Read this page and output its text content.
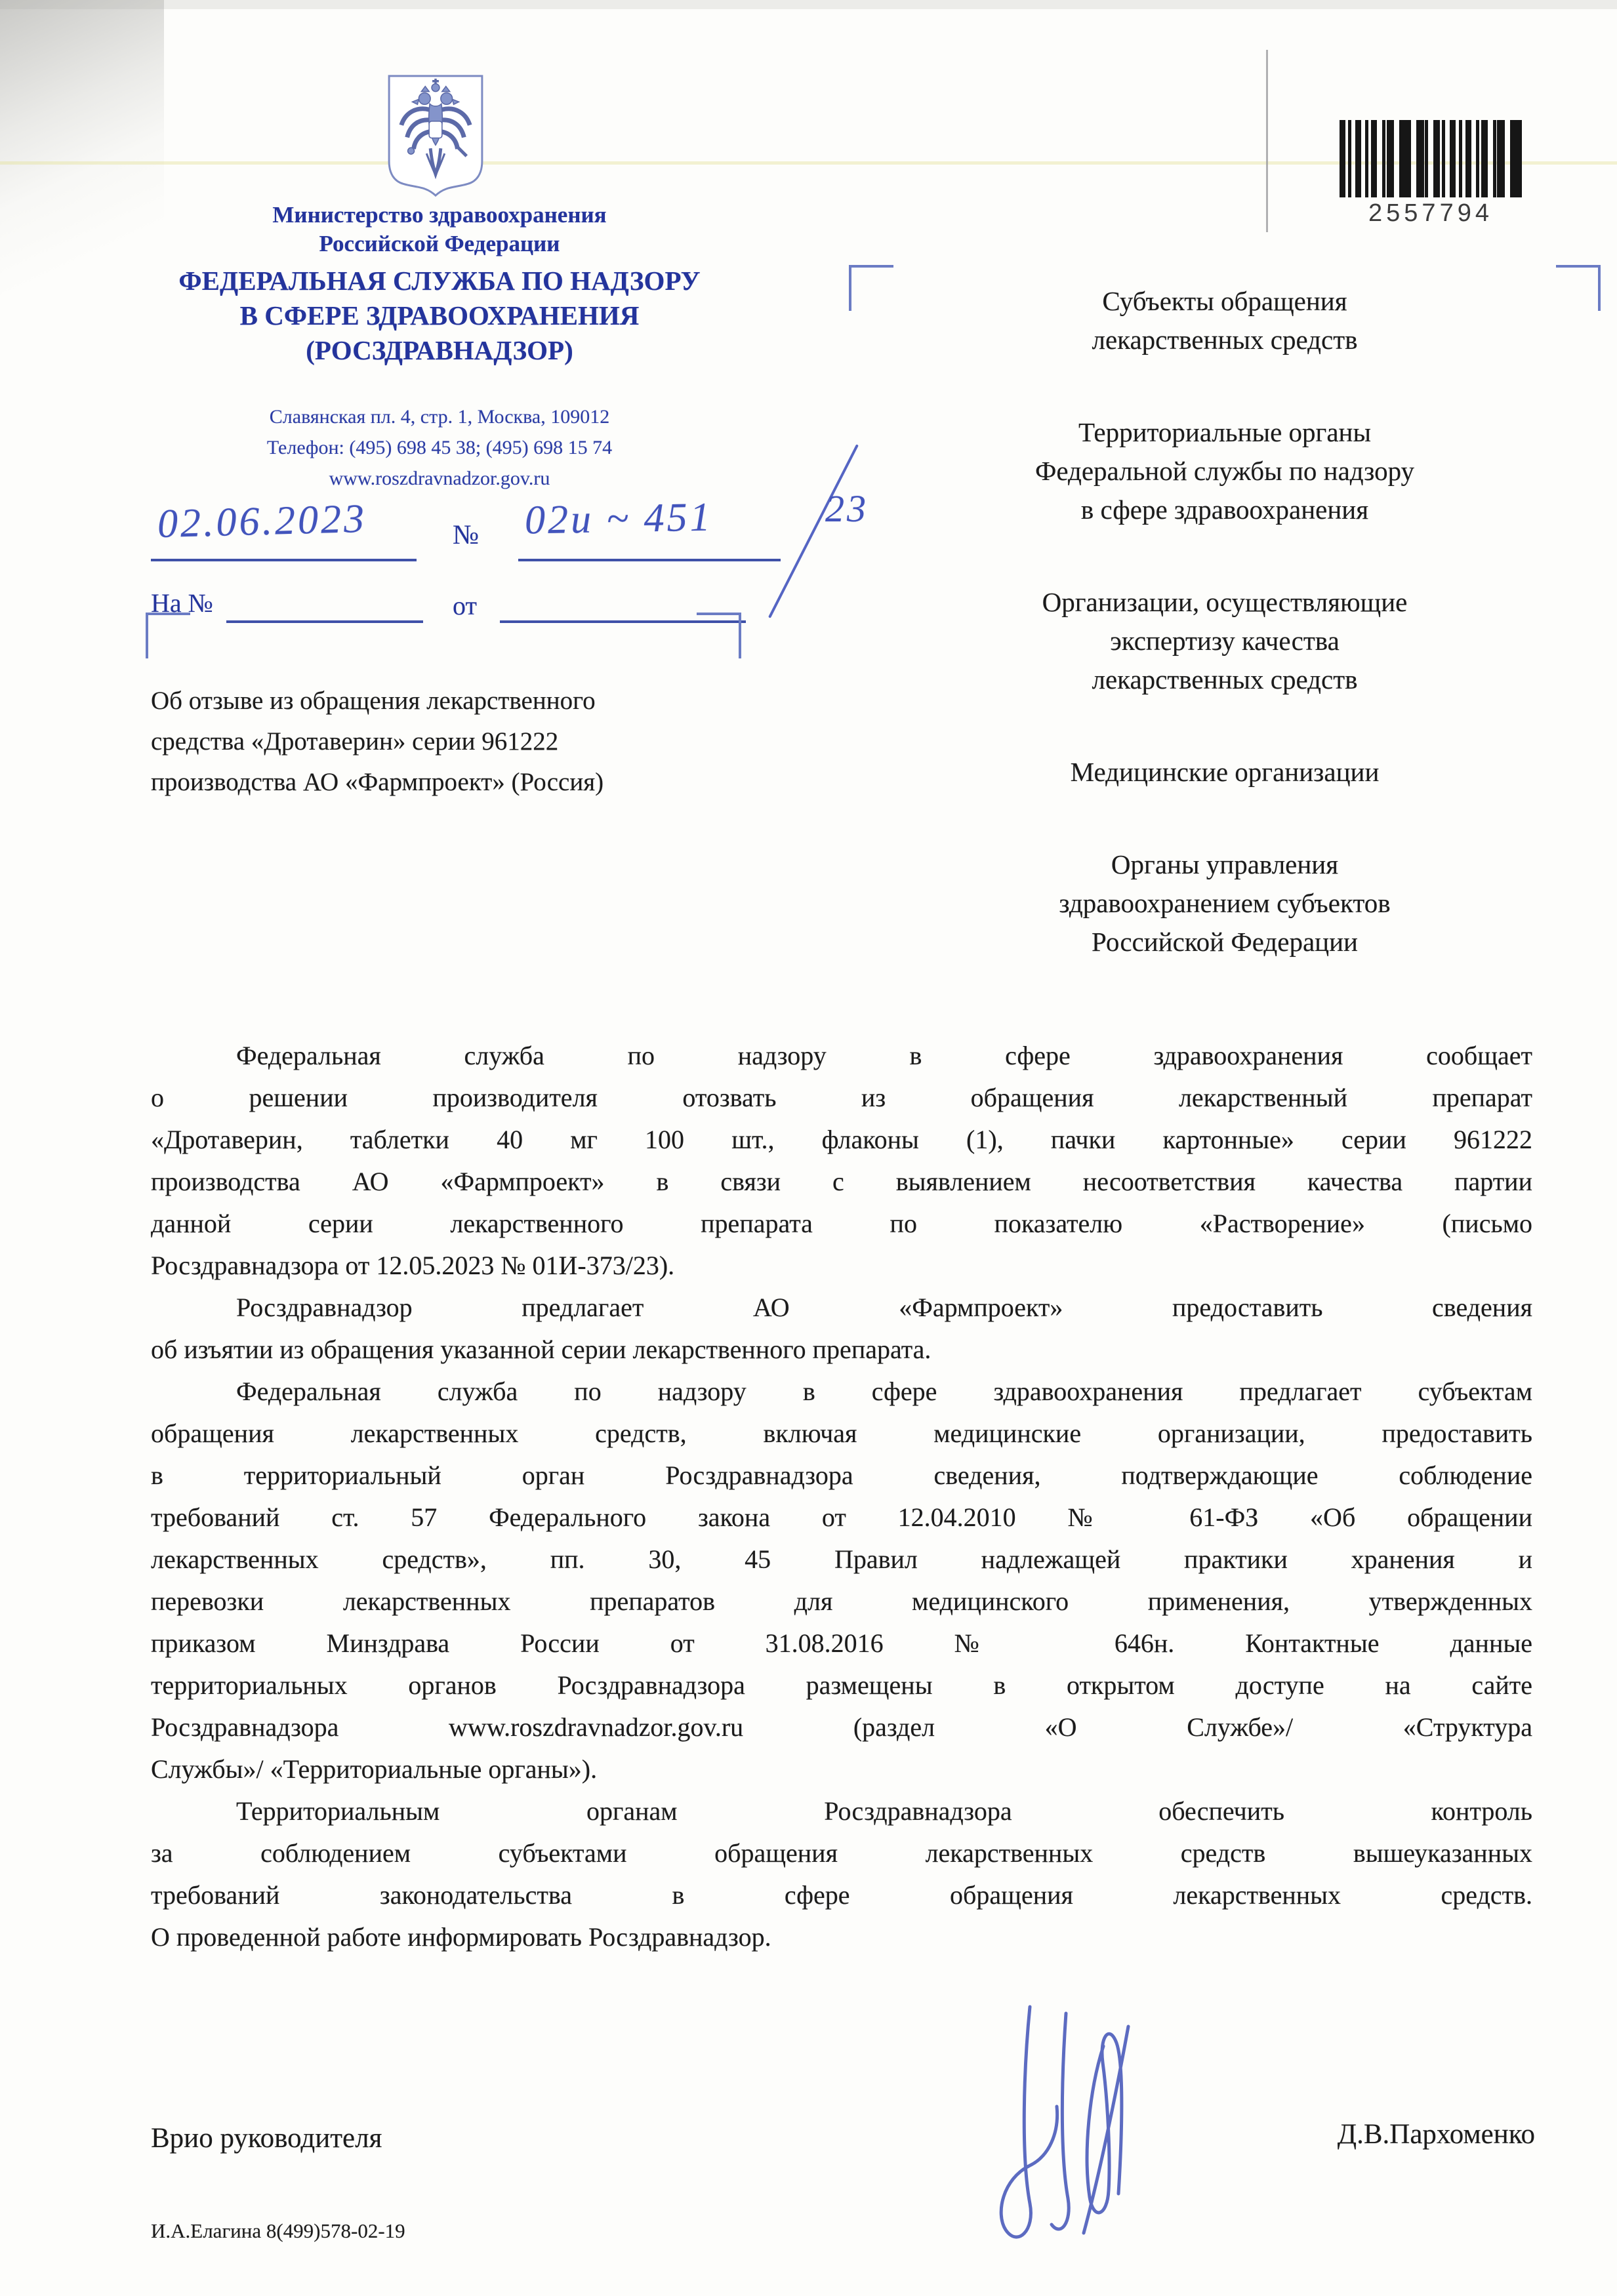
Министерство здравоохранения
Российской Федерации
ФЕДЕРАЛЬНАЯ СЛУЖБА ПО НАДЗОРУ
В СФЕРЕ ЗДРАВООХРАНЕНИЯ
(РОСЗДРАВНАДЗОР)
Славянская пл. 4, стр. 1, Москва, 109012
Телефон: (495) 698 45 38; (495) 698 15 74
www.roszdravnadzor.gov.ru
2557794
02.06.2023	№ 02и ~ 451	23
На №	от
Об отзыве из обращения лекарственного
средства «Дротаверин» серии 961222
производства АО «Фармпроект» (Россия)
Субъекты обращения
лекарственных средств
Территориальные органы
Федеральной службы по надзору
в сфере здравоохранения
Организации, осуществляющие
экспертизу качества
лекарственных средств
Медицинские организации
Органы управления
здравоохранением субъектов
Российской Федерации
Федеральная служба по надзору в сфере здравоохранения сообщает
о решении производителя отозвать из обращения лекарственный препарат
«Дротаверин, таблетки 40 мг 100 шт., флаконы (1), пачки картонные» серии 961222
производства АО «Фармпроект» в связи с выявлением несоответствия качества партии
данной серии лекарственного препарата по показателю «Растворение» (письмо
Росздравнадзора от 12.05.2023 № 01И-373/23).
Росздравнадзор предлагает АО «Фармпроект» предоставить сведения
об изъятии из обращения указанной серии лекарственного препарата.
Федеральная служба по надзору в сфере здравоохранения предлагает субъектам
обращения лекарственных средств, включая медицинские организации, предоставить
в территориальный орган Росздравнадзора сведения, подтверждающие соблюдение
требований ст. 57 Федерального закона от 12.04.2010 № 61-ФЗ «Об обращении
лекарственных средств», пп. 30, 45 Правил надлежащей практики хранения и
перевозки лекарственных препаратов для медицинского применения, утвержденных
приказом Минздрава России от 31.08.2016 № 646н. Контактные данные
территориальных органов Росздравнадзора размещены в открытом доступе на сайте
Росздравнадзора www.roszdravnadzor.gov.ru (раздел «О Службе»/ «Структура
Службы»/ «Территориальные органы»).
Территориальным органам Росздравнадзора обеспечить контроль
за соблюдением субъектами обращения лекарственных средств вышеуказанных
требований законодательства в сфере обращения лекарственных средств.
О проведенной работе информировать Росздравнадзор.
Врио руководителя	Д.В.Пархоменко
И.А.Елагина 8(499)578-02-19
